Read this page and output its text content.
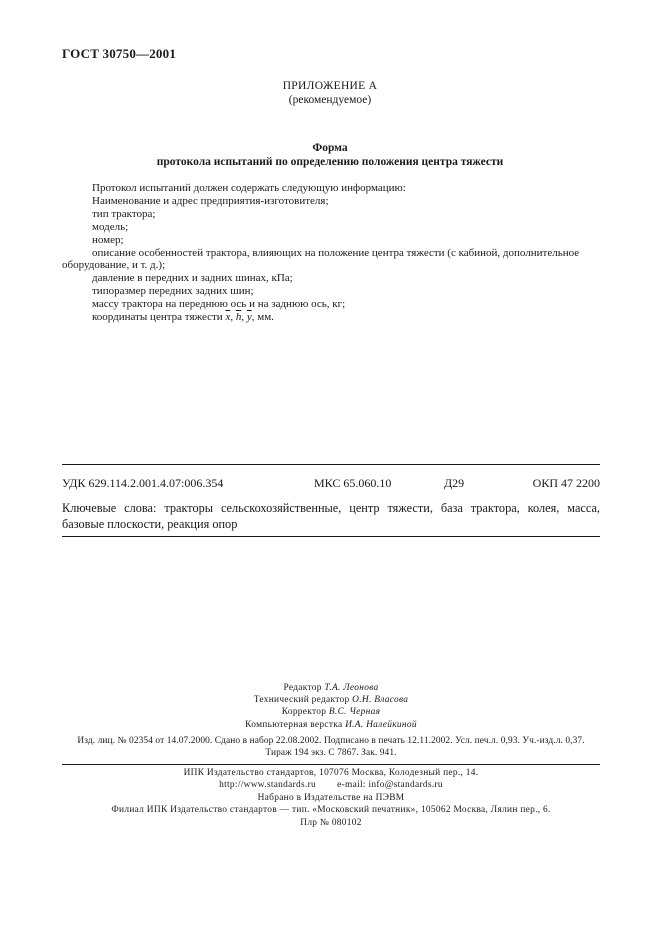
ГОСТ 30750—2001
ПРИЛОЖЕНИЕ А
(рекомендуемое)
Форма
протокола испытаний по определению положения центра тяжести

Протокол испытаний должен содержать следующую информацию:

Наименование и адрес предприятия-изготовителя;

тип трактора;

модель;

номер;

описание особенностей трактора, влияющих на положение центра тяжести (с кабиной, дополнительное оборудование, и т. д.);

давление в передних и задних шинах, кПа;

типоразмер передних задних шин;

массу трактора на переднюю ось и на заднюю ось, кг;

координаты центра тяжести $\overline{x}$, $\overline{h}$, $\overline{y}$, мм.

УДК 629.114.2.001.4.07:006.354	МКС 65.060.10	Д29	ОКП 47 2200
Ключевые слова: тракторы сельскохозяйственные, центр тяжести, база трактора, колея, масса, базовые плоскости, реакция опор
Редактор Т.А. Леонова
Технический редактор О.Н. Власова
Корректор В.С. Черная
Компьютерная верстка И.А. Налейкиной
Изд. лиц. № 02354 от 14.07.2000. Сдано в набор 22.08.2002. Подписано в печать 12.11.2002. Усл. печ.л. 0,93. Уч.-изд.л. 0,37.
Тираж 194 экз. С 7867. Зак. 941.
ИПК Издательство стандартов, 107076 Москва, Колодезный пер., 14.
http://www.standards.ru        e-mail: info@standards.ru
Набрано в Издательстве на ПЭВМ
Филиал ИПК Издательство стандартов — тип. «Московский печатник», 105062 Москва, Лялин пер., 6.
Плр № 080102
